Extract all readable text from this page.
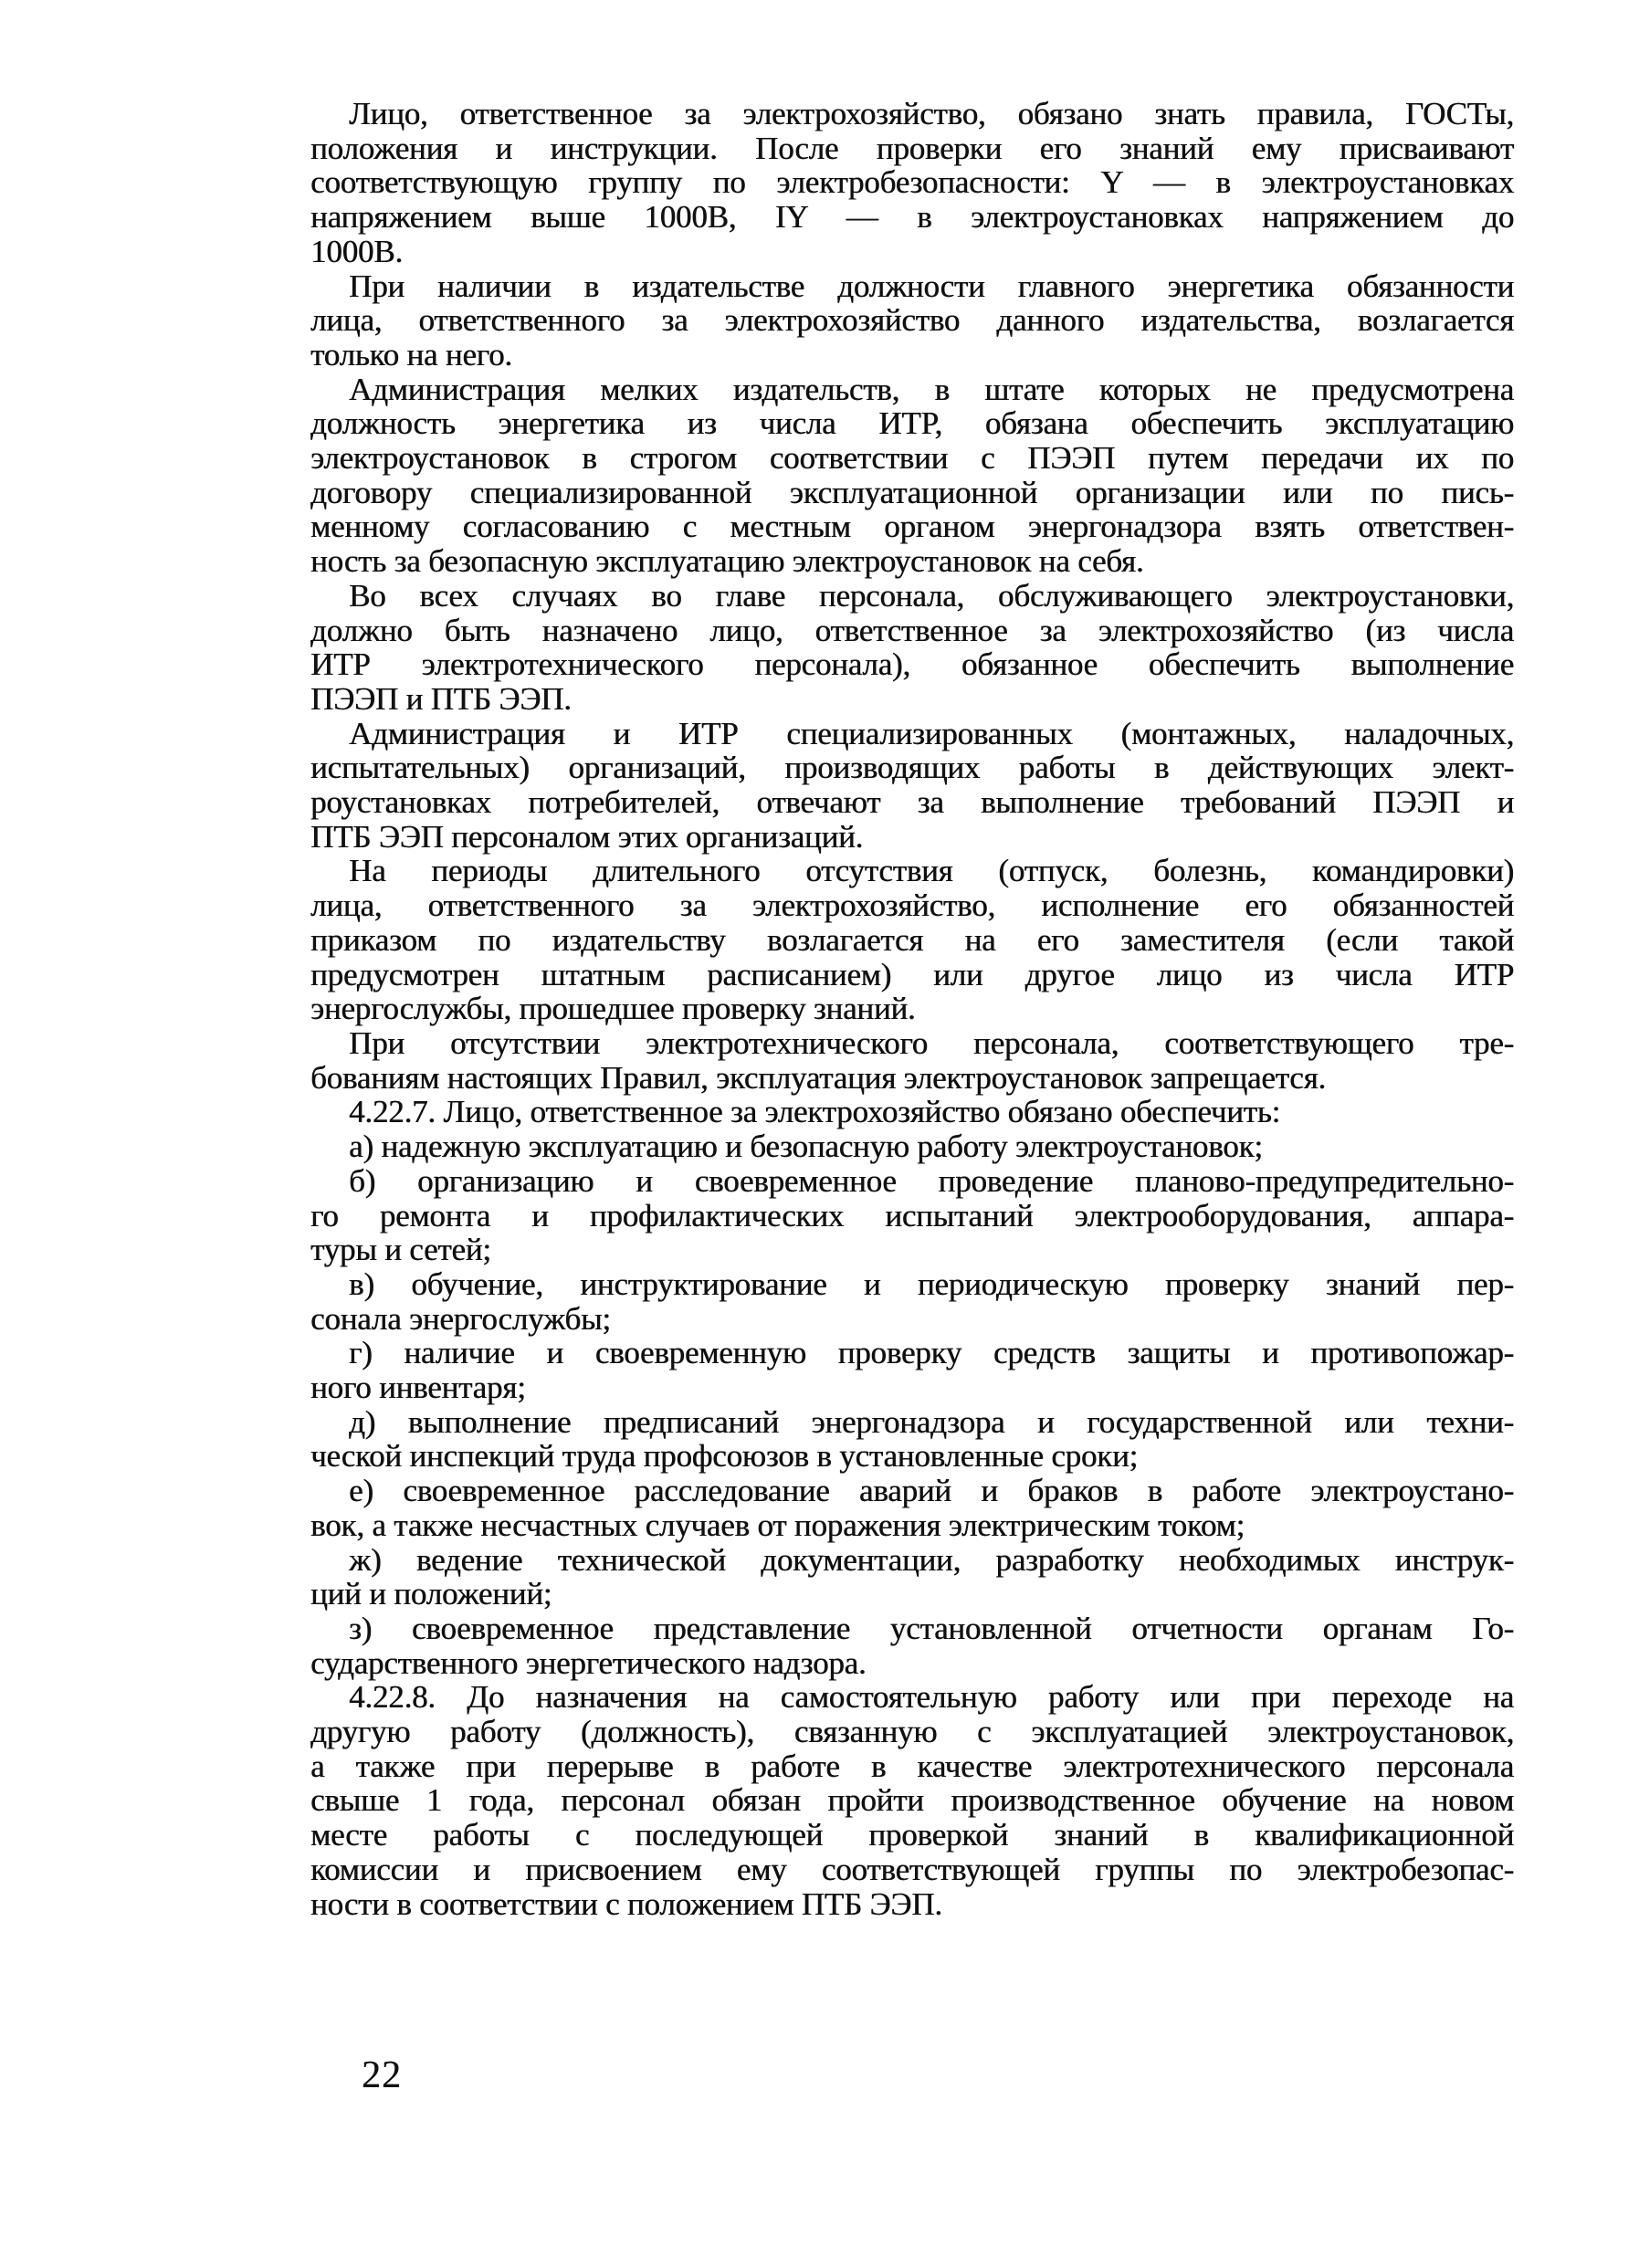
Лицо, ответственное за электрохозяйство, обязано знать правила, ГОСТы,
положения и инструкции. После проверки его знаний ему присваивают
соответствующую группу по электробезопасности: Y — в электроустановках
напряжением выше 1000В, IY — в электроустановках напряжением до
1000В.

При наличии в издательстве должности главного энергетика обязанности
лица, ответственного за электрохозяйство данного издательства, возлагается
только на него.

Администрация мелких издательств, в штате которых не предусмотрена
должность энергетика из числа ИТР, обязана обеспечить эксплуатацию
электроустановок в строгом соответствии с ПЭЭП путем передачи их по
договору специализированной эксплуатационной организации или по пись-
менному согласованию с местным органом энергонадзора взять ответствен-
ность за безопасную эксплуатацию электроустановок на себя.

Во всех случаях во главе персонала, обслуживающего электроустановки,
должно быть назначено лицо, ответственное за электрохозяйство (из числа
ИТР электротехнического персонала), обязанное обеспечить выполнение
ПЭЭП и ПТБ ЭЭП.

Администрация и ИТР специализированных (монтажных, наладочных,
испытательных) организаций, производящих работы в действующих элект-
роустановках потребителей, отвечают за выполнение требований ПЭЭП и
ПТБ ЭЭП персоналом этих организаций.

На периоды длительного отсутствия (отпуск, болезнь, командировки)
лица, ответственного за электрохозяйство, исполнение его обязанностей
приказом по издательству возлагается на его заместителя (если такой
предусмотрен штатным расписанием) или другое лицо из числа ИТР
энергослужбы, прошедшее проверку знаний.

При отсутствии электротехнического персонала, соответствующего тре-
бованиям настоящих Правил, эксплуатация электроустановок запрещается.

4.22.7. Лицо, ответственное за электрохозяйство обязано обеспечить:

а) надежную эксплуатацию и безопасную работу электроустановок;

б) организацию и своевременное проведение планово-предупредительно-
го ремонта и профилактических испытаний электрооборудования, аппара-
туры и сетей;

в) обучение, инструктирование и периодическую проверку знаний пер-
сонала энергослужбы;

г) наличие и своевременную проверку средств защиты и противопожар-
ного инвентаря;

д) выполнение предписаний энергонадзора и государственной или техни-
ческой инспекций труда профсоюзов в установленные сроки;

е) своевременное расследование аварий и браков в работе электроустано-
вок, а также несчастных случаев от поражения электрическим током;

ж) ведение технической документации, разработку необходимых инструк-
ций и положений;

з) своевременное представление установленной отчетности органам Го-
сударственного энергетического надзора.

4.22.8. До назначения на самостоятельную работу или при переходе на
другую работу (должность), связанную с эксплуатацией электроустановок,
а также при перерыве в работе в качестве электротехнического персонала
свыше 1 года, персонал обязан пройти производственное обучение на новом
месте работы с последующей проверкой знаний в квалификационной
комиссии и присвоением ему соответствующей группы по электробезопас-
ности в соответствии с положением ПТБ ЭЭП.

22
